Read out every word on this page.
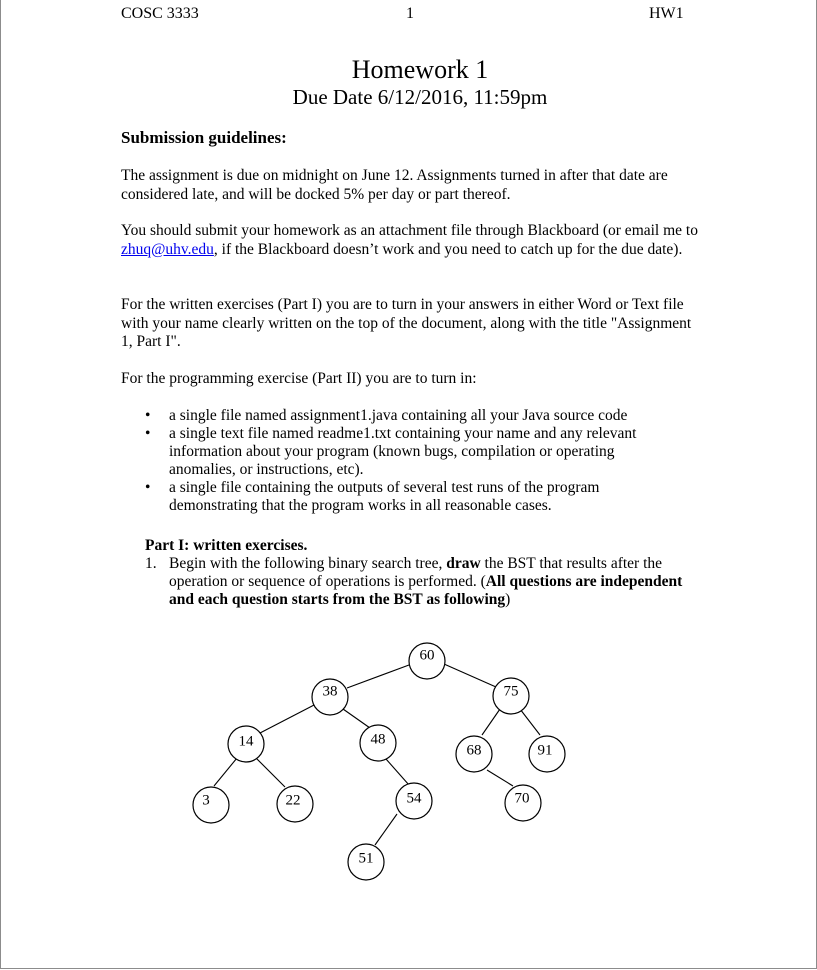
COSC 3333	1	HW1
Homework 1
Due Date 6/12/2016, 11:59pm
Submission guidelines:
The assignment is due on midnight on June 12. Assignments turned in after that date are considered late, and will be docked 5% per day or part thereof.
You should submit your homework as an attachment file through Blackboard (or email me to zhuq@uhv.edu, if the Blackboard doesn’t work and you need to catch up for the due date).
For the written exercises (Part I) you are to turn in your answers in either Word or Text file with your name clearly written on the top of the document, along with the title "Assignment 1, Part I".
For the programming exercise (Part II) you are to turn in:
• a single file named assignment1.java containing all your Java source code
• a single text file named readme1.txt containing your name and any relevant information about your program (known bugs, compilation or operating anomalies, or instructions, etc).
• a single file containing the outputs of several test runs of the program demonstrating that the program works in all reasonable cases.
Part I: written exercises.
1. Begin with the following binary search tree, draw the BST that results after the operation or sequence of operations is performed. (All questions are independent and each question starts from the BST as following)
60
38	75
14	48
68	91
3	22	54	70
51
